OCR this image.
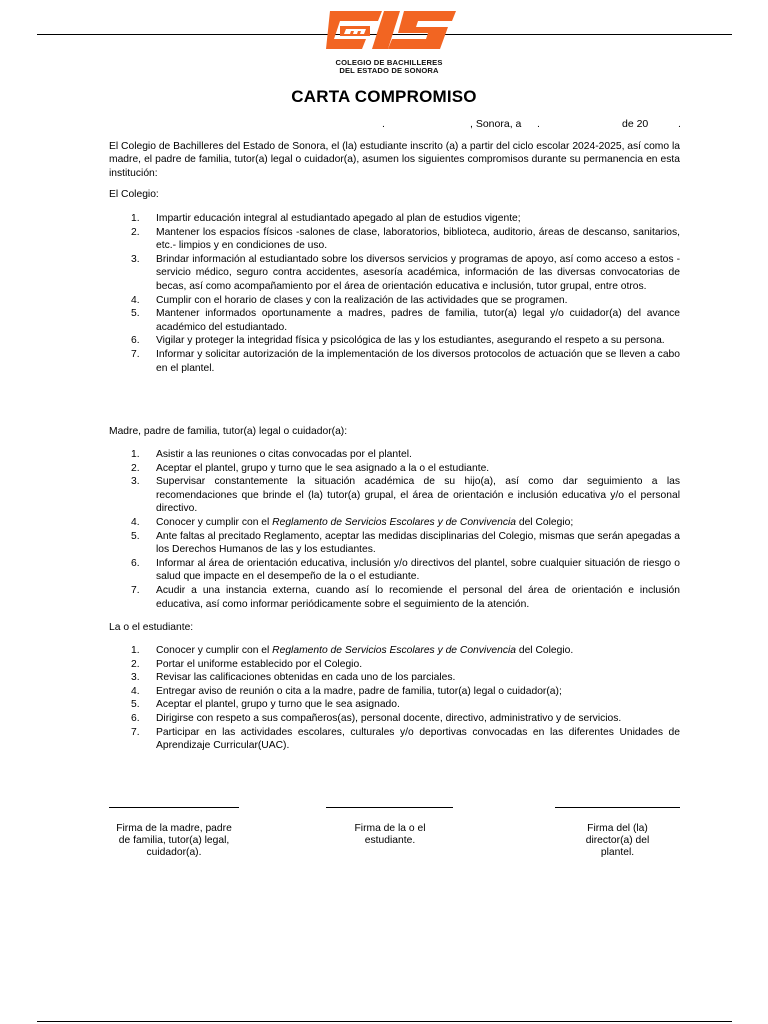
COLEGIO DE BACHILLERES
DEL ESTADO DE SONORA
CARTA COMPROMISO
.	, Sonora, a .	de 20	.
El Colegio de Bachilleres del Estado de Sonora, el (la) estudiante inscrito (a) a partir del ciclo escolar 2024-2025, así como la madre, el padre de familia, tutor(a) legal o cuidador(a), asumen los siguientes compromisos durante su permanencia en esta institución:
El Colegio:
1. Impartir educación integral al estudiantado apegado al plan de estudios vigente;
2. Mantener los espacios físicos -salones de clase, laboratorios, biblioteca, auditorio, áreas de descanso, sanitarios, etc.- limpios y en condiciones de uso.
3. Brindar información al estudiantado sobre los diversos servicios y programas de apoyo, así como acceso a estos - servicio médico, seguro contra accidentes, asesoría académica, información de las diversas convocatorias de becas, así como acompañamiento por el área de orientación educativa e inclusión, tutor grupal, entre otros.
4. Cumplir con el horario de clases y con la realización de las actividades que se programen.
5. Mantener informados oportunamente a madres, padres de familia, tutor(a) legal y/o cuidador(a) del avance académico del estudiantado.
6. Vigilar y proteger la integridad física y psicológica de las y los estudiantes, asegurando el respeto a su persona.
7. Informar y solicitar autorización de la implementación de los diversos protocolos de actuación que se lleven a cabo en el plantel.
Madre, padre de familia, tutor(a) legal o cuidador(a):
1. Asistir a las reuniones o citas convocadas por el plantel.
2. Aceptar el plantel, grupo y turno que le sea asignado a la o el estudiante.
3. Supervisar constantemente la situación académica de su hijo(a), así como dar seguimiento a las recomendaciones que brinde el (la) tutor(a) grupal, el área de orientación e inclusión educativa y/o el personal directivo.
4. Conocer y cumplir con el Reglamento de Servicios Escolares y de Convivencia del Colegio;
5. Ante faltas al precitado Reglamento, aceptar las medidas disciplinarias del Colegio, mismas que serán apegadas a los Derechos Humanos de las y los estudiantes.
6. Informar al área de orientación educativa, inclusión y/o directivos del plantel, sobre cualquier situación de riesgo o salud que impacte en el desempeño de la o el estudiante.
7. Acudir a una instancia externa, cuando así lo recomiende el personal del área de orientación e inclusión educativa, así como informar periódicamente sobre el seguimiento de la atención.
La o el estudiante:
1. Conocer y cumplir con el Reglamento de Servicios Escolares y de Convivencia del Colegio.
2. Portar el uniforme establecido por el Colegio.
3. Revisar las calificaciones obtenidas en cada uno de los parciales.
4. Entregar aviso de reunión o cita a la madre, padre de familia, tutor(a) legal o cuidador(a);
5. Aceptar el plantel, grupo y turno que le sea asignado.
6. Dirigirse con respeto a sus compañeros(as), personal docente, directivo, administrativo y de servicios.
7. Participar en las actividades escolares, culturales y/o deportivas convocadas en las diferentes Unidades de Aprendizaje Curricular(UAC).
Firma de la madre, padre de familia, tutor(a) legal, cuidador(a).
Firma de la o el estudiante.
Firma del (la) director(a) del plantel.
